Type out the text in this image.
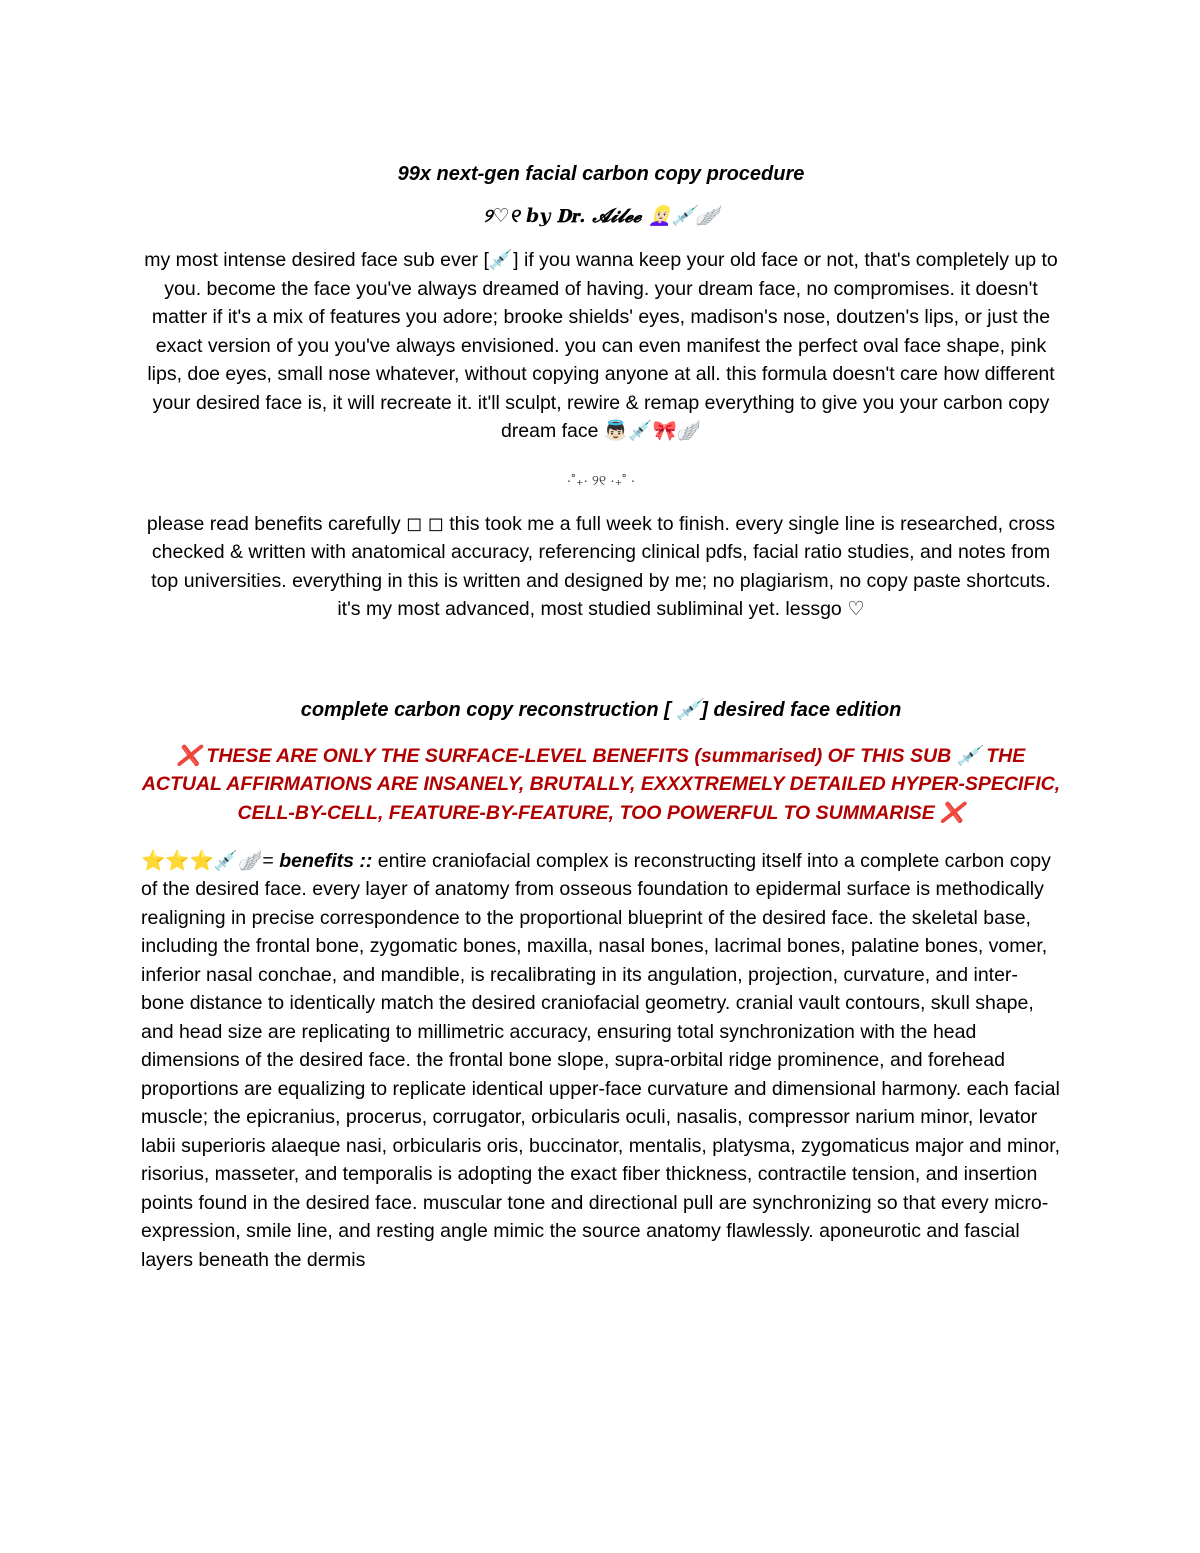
99x next-gen facial carbon copy procedure

୨♡୧ 𝒃𝒚 𝐃𝐫. 𝓐𝓲𝓵𝓮𝓮 👱🏻‍♀️💉🪽

my most intense desired face sub ever [💉] if you wanna keep your old face or not, that's completely up to you. become the face you've always dreamed of having. your dream face, no compromises. it doesn't matter if it's a mix of features you adore; brooke shields' eyes, madison's nose, doutzen's lips, or just the exact version of you you've always envisioned. you can even manifest the perfect oval face shape, pink lips, doe eyes, small nose whatever, without copying anyone at all. this formula doesn't care how different your desired face is, it will recreate it. it'll sculpt, rewire & remap everything to give you your carbon copy dream face 👼🏻💉🎀🪽

·˚₊· ୨୧ ·₊˚ ·

please read benefits carefully ◻︎ ◻︎ this took me a full week to finish. every single line is researched, cross checked & written with anatomical accuracy, referencing clinical pdfs, facial ratio studies, and notes from top universities. everything in this is written and designed by me; no plagiarism, no copy paste shortcuts. it's my most advanced, most studied subliminal yet. lessgo ♡

complete carbon copy reconstruction [ 💉] desired face edition

❌ THESE ARE ONLY THE SURFACE-LEVEL BENEFITS (summarised) OF THIS SUB 💉 THE ACTUAL AFFIRMATIONS ARE INSANELY, BRUTALLY, EXXXTREMELY DETAILED HYPER-SPECIFIC, CELL-BY-CELL, FEATURE-BY-FEATURE, TOO POWERFUL TO SUMMARISE ❌

⭐⭐⭐💉🪽= benefits :: entire craniofacial complex is reconstructing itself into a complete carbon copy of the desired face. every layer of anatomy from osseous foundation to epidermal surface is methodically realigning in precise correspondence to the proportional blueprint of the desired face. the skeletal base, including the frontal bone, zygomatic bones, maxilla, nasal bones, lacrimal bones, palatine bones, vomer, inferior nasal conchae, and mandible, is recalibrating in its angulation, projection, curvature, and inter-bone distance to identically match the desired craniofacial geometry. cranial vault contours, skull shape, and head size are replicating to millimetric accuracy, ensuring total synchronization with the head dimensions of the desired face. the frontal bone slope, supra-orbital ridge prominence, and forehead proportions are equalizing to replicate identical upper-face curvature and dimensional harmony. each facial muscle; the epicranius, procerus, corrugator, orbicularis oculi, nasalis, compressor narium minor, levator labii superioris alaeque nasi, orbicularis oris, buccinator, mentalis, platysma, zygomaticus major and minor, risorius, masseter, and temporalis is adopting the exact fiber thickness, contractile tension, and insertion points found in the desired face. muscular tone and directional pull are synchronizing so that every micro-expression, smile line, and resting angle mimic the source anatomy flawlessly. aponeurotic and fascial layers beneath the dermis
